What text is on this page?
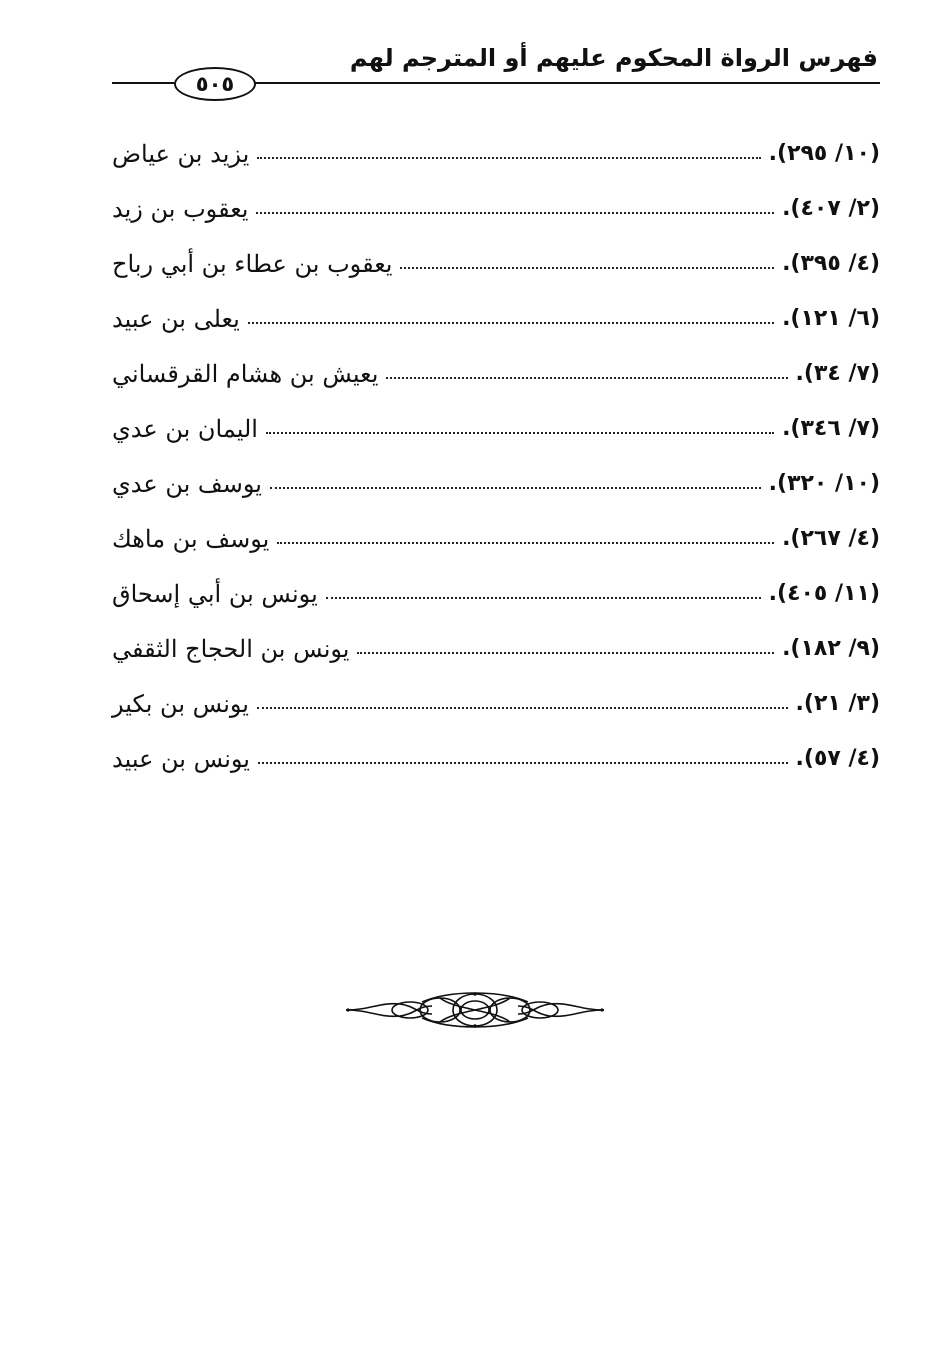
فهرس الرواة المحكوم عليهم أو المترجم لهم
٥٠٥
يزيد بن عياض	(١٠/ ٢٩٥).
يعقوب بن زيد	(٢/ ٤٠٧).
يعقوب بن عطاء بن أبي رباح	(٤/ ٣٩٥).
يعلى بن عبيد	(٦/ ١٢١).
يعيش بن هشام القرقساني	(٧/ ٣٤).
اليمان بن عدي	(٧/ ٣٤٦).
يوسف بن عدي	(١٠/ ٣٢٠).
يوسف بن ماهك	(٤/ ٢٦٧).
يونس بن أبي إسحاق	(١١/ ٤٠٥).
يونس بن الحجاج الثقفي	(٩/ ١٨٢).
يونس بن بكير	(٣/ ٢١).
يونس بن عبيد	(٤/ ٥٧).
